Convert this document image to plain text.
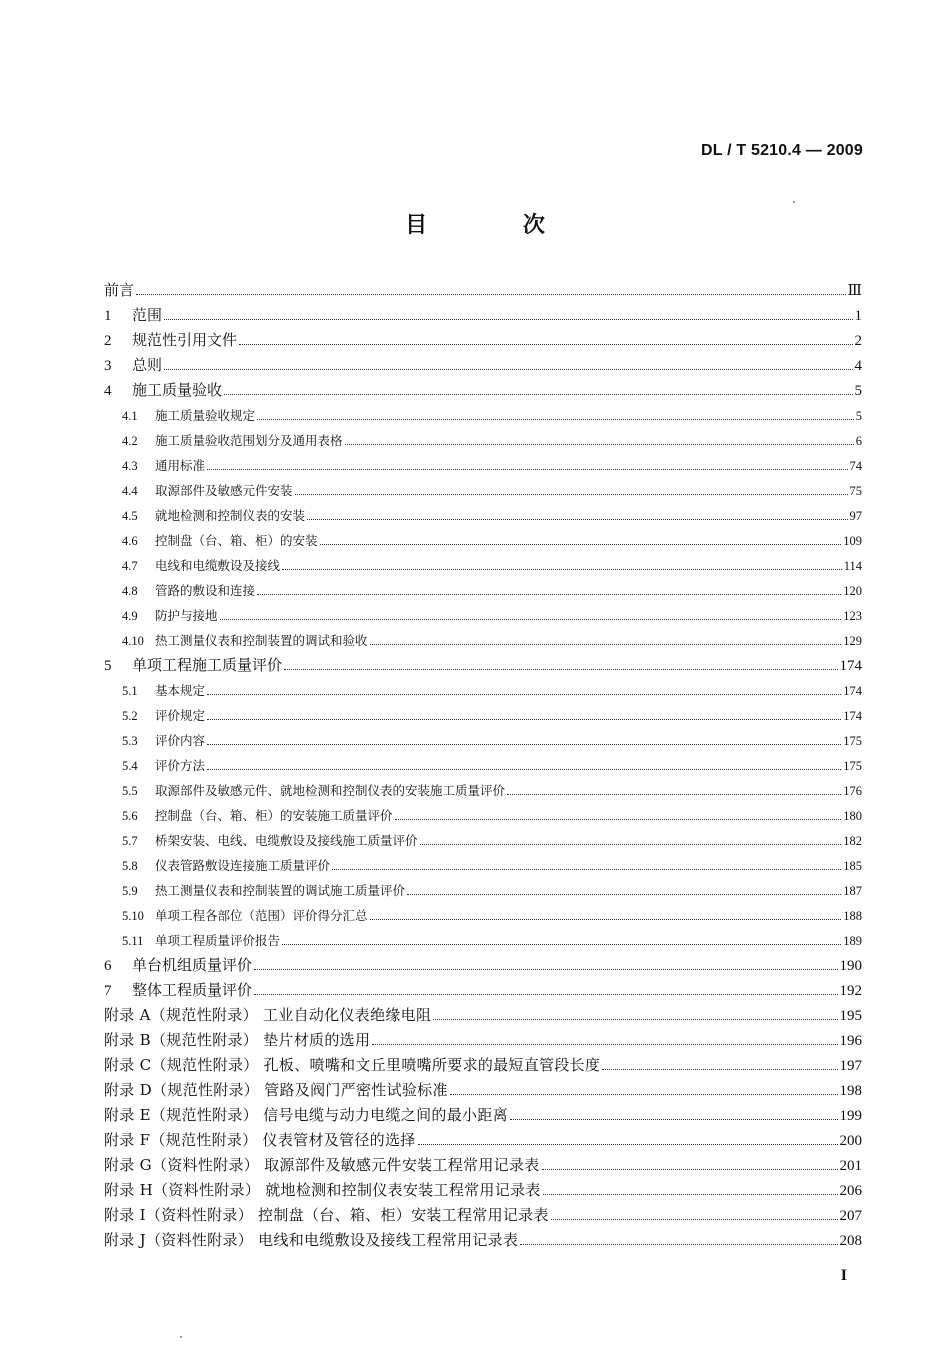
DL / T 5210.4 — 2009
目 次
前言	Ⅲ
1	范围	1
2	规范性引用文件	2
3	总则	4
4	施工质量验收	5
4.1	施工质量验收规定	5
4.2	施工质量验收范围划分及通用表格	6
4.3	通用标准	74
4.4	取源部件及敏感元件安装	75
4.5	就地检测和控制仪表的安装	97
4.6	控制盘（台、箱、柜）的安装	109
4.7	电线和电缆敷设及接线	114
4.8	管路的敷设和连接	120
4.9	防护与接地	123
4.10 热工测量仪表和控制装置的调试和验收	129
5	单项工程施工质量评价	174
5.1	基本规定	174
5.2	评价规定	174
5.3	评价内容	175
5.4	评价方法	175
5.5	取源部件及敏感元件、就地检测和控制仪表的安装施工质量评价	176
5.6	控制盘（台、箱、柜）的安装施工质量评价	180
5.7	桥架安装、电线、电缆敷设及接线施工质量评价	182
5.8	仪表管路敷设连接施工质量评价	185
5.9	热工测量仪表和控制装置的调试施工质量评价	187
5.10 单项工程各部位（范围）评价得分汇总	188
5.11 单项工程质量评价报告	189
6	单台机组质量评价	190
7	整体工程质量评价	192
附录 A（规范性附录） 工业自动化仪表绝缘电阻	195
附录 B（规范性附录） 垫片材质的选用	196
附录 C（规范性附录） 孔板、喷嘴和文丘里喷嘴所要求的最短直管段长度	197
附录 D（规范性附录） 管路及阀门严密性试验标准	198
附录 E（规范性附录） 信号电缆与动力电缆之间的最小距离	199
附录 F（规范性附录） 仪表管材及管径的选择	200
附录 G（资料性附录） 取源部件及敏感元件安装工程常用记录表	201
附录 H（资料性附录） 就地检测和控制仪表安装工程常用记录表	206
附录 I（资料性附录） 控制盘（台、箱、柜）安装工程常用记录表	207
附录 J（资料性附录） 电线和电缆敷设及接线工程常用记录表	208
I
